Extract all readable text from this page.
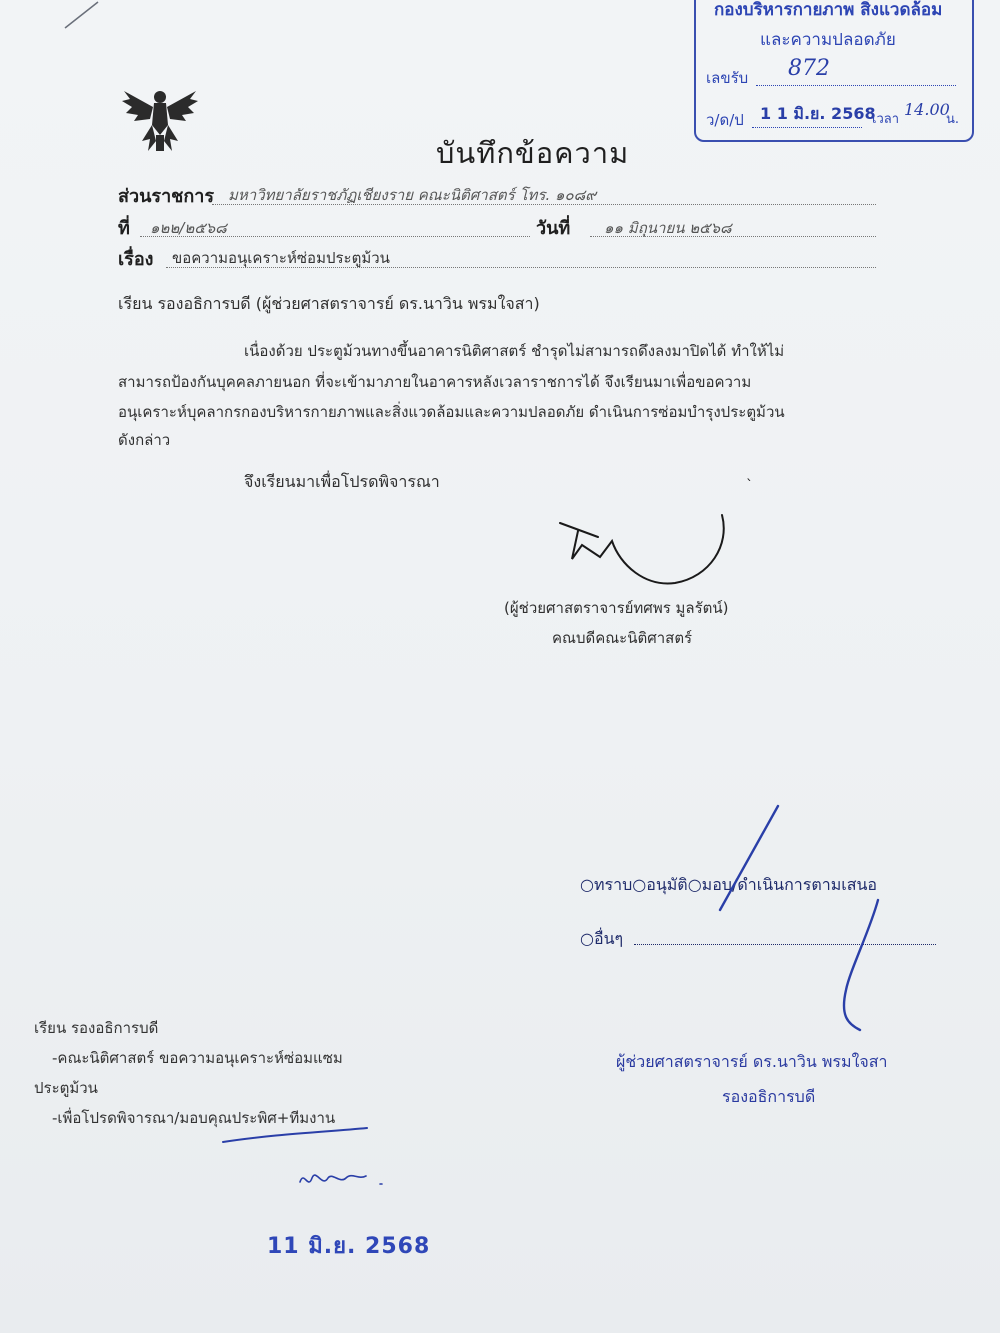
กองบริหารกายภาพ สิ่งแวดล้อม
และความปลอดภัย
เลขรับ 872
ว/ด/ป 1 1 มิ.ย. 2568
เวลา
14.00
น.
บันทึกข้อความ
ส่วนราชการ มหาวิทยาลัยราชภัฏเชียงราย คณะนิติศาสตร์ โทร. ๑๐๘๙
ที่ ๑๒๒/๒๕๖๘	วันที่ ๑๑ มิถุนายน ๒๕๖๘
เรื่อง ขอความอนุเคราะห์ซ่อมประตูม้วน
เรียน รองอธิการบดี (ผู้ช่วยศาสตราจารย์ ดร.นาวิน พรมใจสา)
เนื่องด้วย ประตูม้วนทางขึ้นอาคารนิติศาสตร์ ชำรุดไม่สามารถดึงลงมาปิดได้ ทำให้ไม่
สามารถป้องกันบุคคลภายนอก ที่จะเข้ามาภายในอาคารหลังเวลาราชการได้ จึงเรียนมาเพื่อขอความ
อนุเคราะห์บุคลากรกองบริหารกายภาพและสิ่งแวดล้อมและความปลอดภัย ดำเนินการซ่อมบำรุงประตูม้วน
ดังกล่าว
จึงเรียนมาเพื่อโปรดพิจารณา	ˋ
(ผู้ช่วยศาสตราจารย์ทศพร มูลรัตน์)
คณบดีคณะนิติศาสตร์
○ทราบ○อนุมัติ○มอบ/ดำเนินการตามเสนอ
○อื่นๆ
ผู้ช่วยศาสตราจารย์ ดร.นาวิน พรมใจสา
รองอธิการบดี
เรียน รองอธิการบดี
-คณะนิติศาสตร์ ขอความอนุเคราะห์ซ่อมแซม
ประตูม้วน
-เพื่อโปรดพิจารณา/มอบคุณประพิศ+ทีมงาน
11 มิ.ย. 2568
